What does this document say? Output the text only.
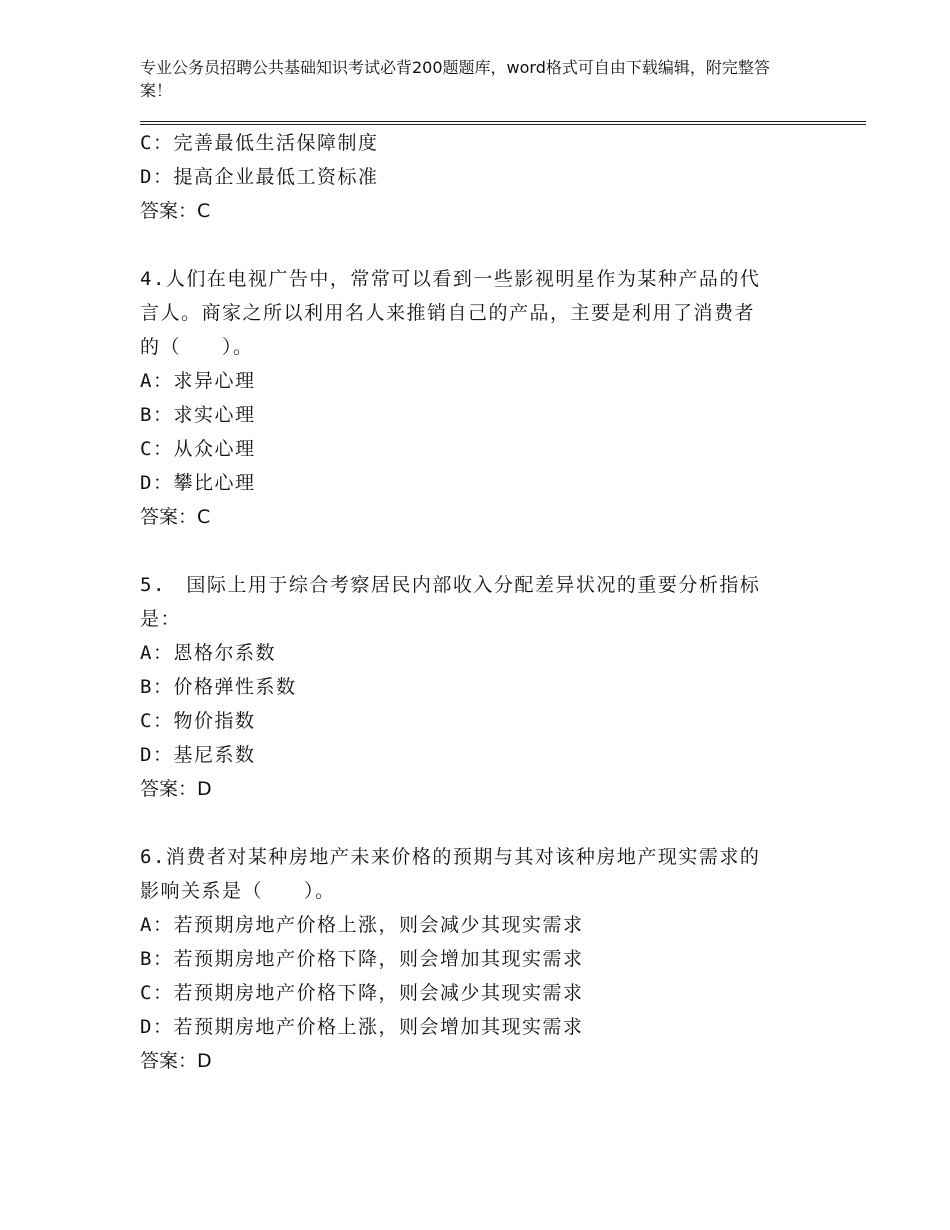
专业公务员招聘公共基础知识考试必背200题题库，word格式可自由下载编辑，附完整答案！
C：完善最低生活保障制度
D：提高企业最低工资标准
答案：C
4.人们在电视广告中，常常可以看到一些影视明星作为某种产品的代
言人。商家之所以利用名人来推销自己的产品，主要是利用了消费者
的（　　）。
A：求异心理
B：求实心理
C：从众心理
D：攀比心理
答案：C
5.　国际上用于综合考察居民内部收入分配差异状况的重要分析指标
是：
A：恩格尔系数
B：价格弹性系数
C：物价指数
D：基尼系数
答案：D
6.消费者对某种房地产未来价格的预期与其对该种房地产现实需求的
影响关系是（　　）。
A：若预期房地产价格上涨，则会减少其现实需求
B：若预期房地产价格下降，则会增加其现实需求
C：若预期房地产价格下降，则会减少其现实需求
D：若预期房地产价格上涨，则会增加其现实需求
答案：D
